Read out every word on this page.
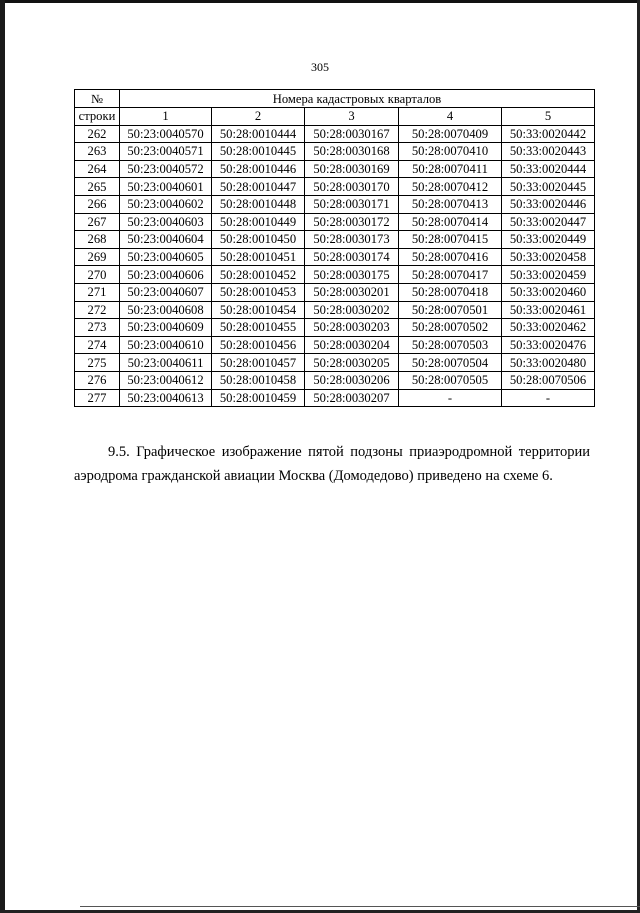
305
№	Номера кадастровых кварталов				
строки	1	2	3	4	5
262	50:23:0040570	50:28:0010444	50:28:0030167	50:28:0070409	50:33:0020442
263	50:23:0040571	50:28:0010445	50:28:0030168	50:28:0070410	50:33:0020443
264	50:23:0040572	50:28:0010446	50:28:0030169	50:28:0070411	50:33:0020444
265	50:23:0040601	50:28:0010447	50:28:0030170	50:28:0070412	50:33:0020445
266	50:23:0040602	50:28:0010448	50:28:0030171	50:28:0070413	50:33:0020446
267	50:23:0040603	50:28:0010449	50:28:0030172	50:28:0070414	50:33:0020447
268	50:23:0040604	50:28:0010450	50:28:0030173	50:28:0070415	50:33:0020449
269	50:23:0040605	50:28:0010451	50:28:0030174	50:28:0070416	50:33:0020458
270	50:23:0040606	50:28:0010452	50:28:0030175	50:28:0070417	50:33:0020459
271	50:23:0040607	50:28:0010453	50:28:0030201	50:28:0070418	50:33:0020460
272	50:23:0040608	50:28:0010454	50:28:0030202	50:28:0070501	50:33:0020461
273	50:23:0040609	50:28:0010455	50:28:0030203	50:28:0070502	50:33:0020462
274	50:23:0040610	50:28:0010456	50:28:0030204	50:28:0070503	50:33:0020476
275	50:23:0040611	50:28:0010457	50:28:0030205	50:28:0070504	50:33:0020480
276	50:23:0040612	50:28:0010458	50:28:0030206	50:28:0070505	50:28:0070506
277	50:23:0040613	50:28:0010459	50:28:0030207	-	-

9.5. Графическое изображение пятой подзоны приаэродромной территории аэродрома гражданской авиации Москва (Домодедово) приведено на схеме 6.
